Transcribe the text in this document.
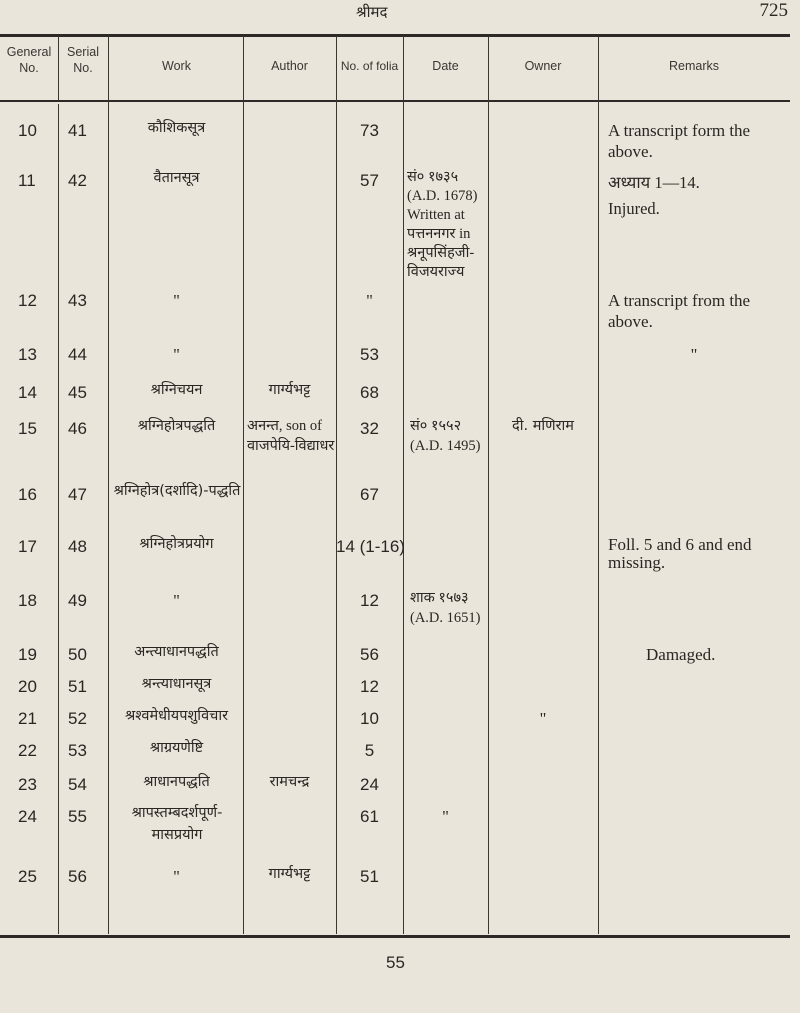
श्रीमद	725
General No.
Serial No.	Work	Author	No. of folia	Date	Owner	Remarks
10 41	कौशिकसूत्र	73	A transcript form the above.
11 42	वैतानसूत्र	57	सं० १७३५ (A.D. 1678) Written at पत्तननगर in श्रनूपसिंहजी-विजयराज्य
अध्याय 1—14. Injured.
12 43	"	"	A transcript from the above.
13 44	"	53	"
14 45	श्रग्निचयन	गार्ग्यभट्ट	68
15 46	श्रग्निहोत्रपद्धति	अनन्त, son of वाजपेयि-विद्याधर
32	सं० १५५२ (A.D. 1495)
दी. मणिराम
16 47 श्रग्निहोत्र(दर्शादि)-पद्धति	67
17 48	श्रग्निहोत्रप्रयोग	14 (1-16)	Foll. 5 and 6 and end missing.
18 49	"	12	शाक १५७३ (A.D. 1651)
19 50	अन्त्याधानपद्धति	56	Damaged.
20 51	श्रन्त्याधानसूत्र	12
21 52	श्रश्वमेधीयपशुविचार	10	"
22 53	श्राग्रयणेष्टि	5
23 54	श्राधानपद्धति	रामचन्द्र	24
24 55	श्रापस्तम्बदर्शपूर्ण-मासप्रयोग
61	"
25 56	"	गार्ग्यभट्ट	51
55
